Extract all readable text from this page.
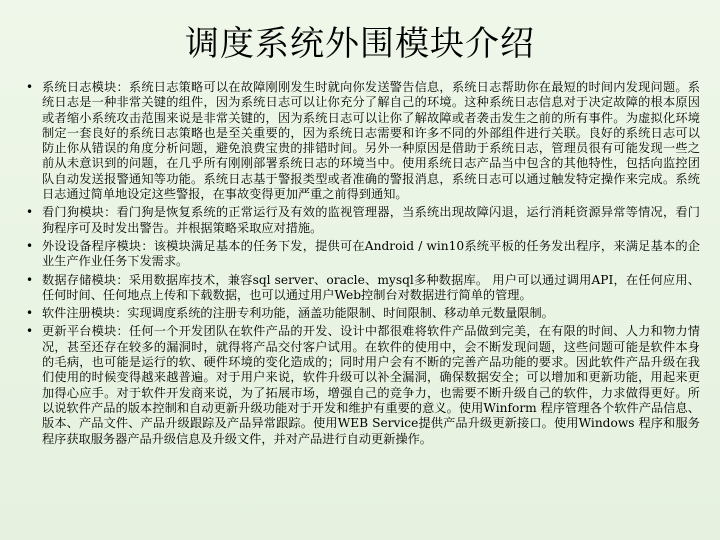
调度系统外围模块介绍
• 系统日志模块：系统日志策略可以在故障刚刚发生时就向你发送警告信息，系统日志帮助你在最短的时间内发现问题。系统日志是一种非常关键的组件，因为系统日志可以让你充分了解自己的环境。这种系统日志信息对于决定故障的根本原因或者缩小系统攻击范围来说是非常关键的，因为系统日志可以让你了解故障或者袭击发生之前的所有事件。为虚拟化环境制定一套良好的系统日志策略也是至关重要的，因为系统日志需要和许多不同的外部组件进行关联。良好的系统日志可以防止你从错误的角度分析问题，避免浪费宝贵的排错时间。另外一种原因是借助于系统日志，管理员很有可能发现一些之前从未意识到的问题，在几乎所有刚刚部署系统日志的环境当中。使用系统日志产品当中包含的其他特性，包括向监控团队自动发送报警通知等功能。系统日志基于警报类型或者准确的警报消息，系统日志可以通过触发特定操作来完成。系统日志通过简单地设定这些警报，在事故变得更加严重之前得到通知。
• 看门狗模块：看门狗是恢复系统的正常运行及有效的监视管理器，当系统出现故障闪退，运行消耗资源异常等情况，看门狗程序可及时发出警告。并根据策略采取应对措施。
• 外设设备程序模块：该模块满足基本的任务下发，提供可在Android / win10系统平板的任务发出程序，来满足基本的企业生产作业任务下发需求。
• 数据存储模块：采用数据库技术，兼容sql server、oracle、mysql多种数据库。 用户可以通过调用API，在任何应用、任何时间、任何地点上传和下载数据，也可以通过用户Web控制台对数据进行简单的管理。
• 软件注册模块：实现调度系统的注册专利功能，涵盖功能限制、时间限制、移动单元数量限制。
• 更新平台模块：任何一个开发团队在软件产品的开发、设计中都很难将软件产品做到完美，在有限的时间、人力和物力情况，甚至还存在较多的漏洞时，就得将产品交付客户试用。在软件的使用中，会不断发现问题，这些问题可能是软件本身的毛病，也可能是运行的软、硬件环境的变化造成的；同时用户会有不断的完善产品功能的要求。因此软件产品升级在我们使用的时候变得越来越普遍。对于用户来说，软件升级可以补全漏洞，确保数据安全；可以增加和更新功能，用起来更加得心应手。对于软件开发商来说，为了拓展市场，增强自己的竞争力，也需要不断升级自己的软件，力求做得更好。所以说软件产品的版本控制和自动更新升级功能对于开发和维护有重要的意义。使用Winform 程序管理各个软件产品信息、版本、产品文件、产品升级跟踪及产品异常跟踪。使用WEB Service提供产品升级更新接口。使用Windows 程序和服务程序获取服务器产品升级信息及升级文件，并对产品进行自动更新操作。
